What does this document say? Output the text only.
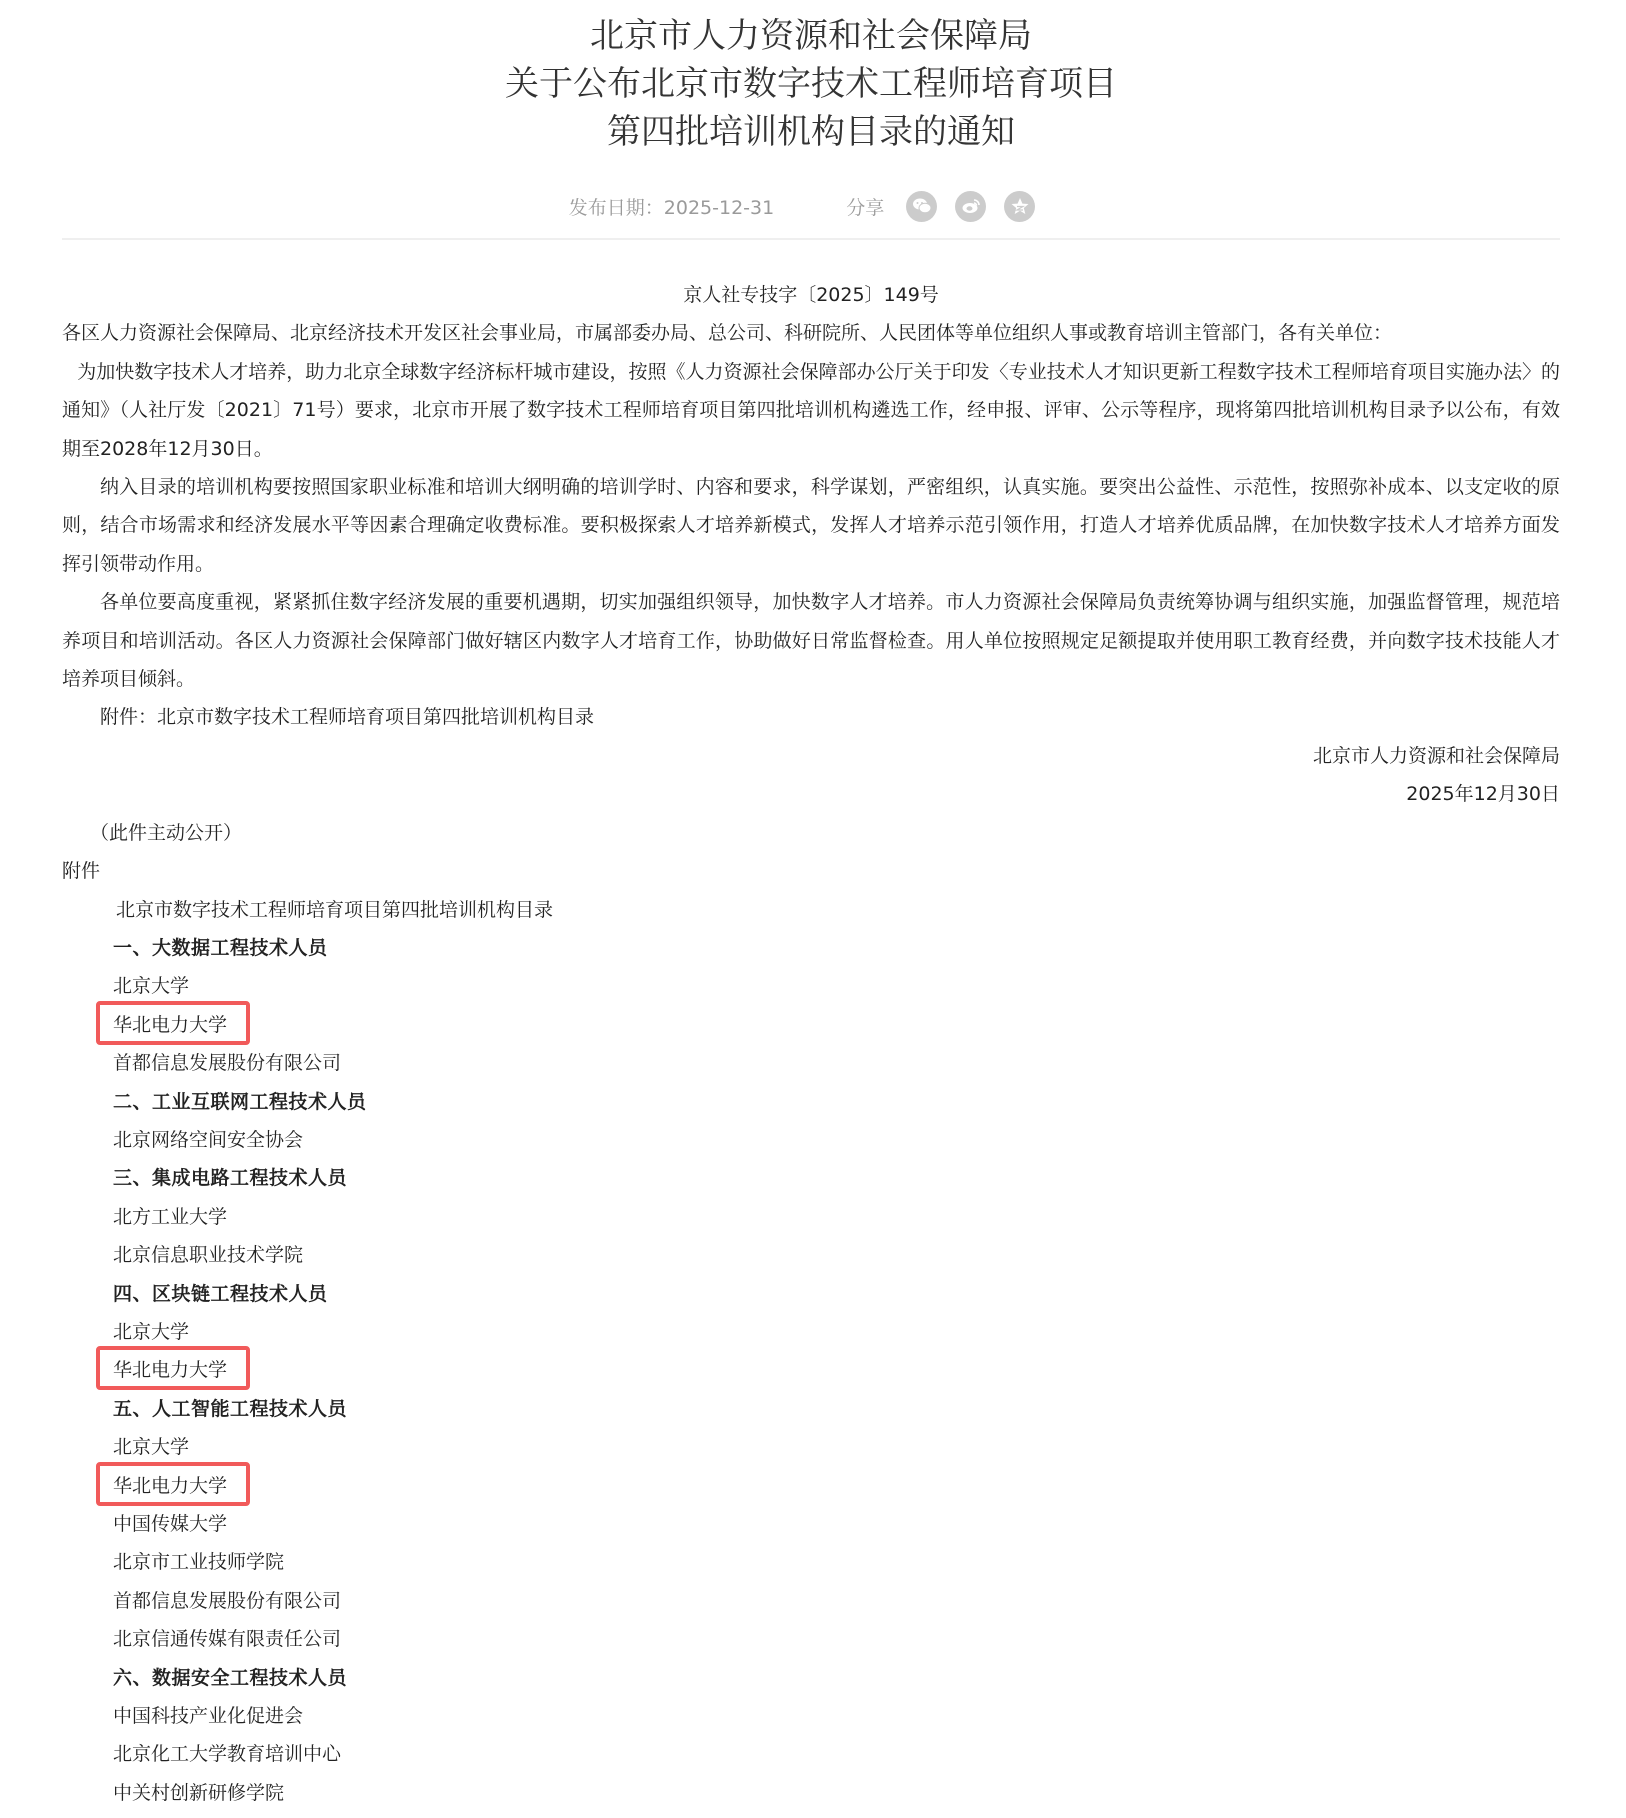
北京市人力资源和社会保障局
关于公布北京市数字技术工程师培育项目
第四批培训机构目录的通知
发布日期：2025-12-31	分享

京人社专技字〔2025〕149号

各区人力资源社会保障局、北京经济技术开发区社会事业局，市属部委办局、总公司、科研院所、人民团体等单位组织人事或教育培训主管部门，各有关单位：

为加快数字技术人才培养，助力北京全球数字经济标杆城市建设，按照《人力资源社会保障部办公厅关于印发〈专业技术人才知识更新工程数字技术工程师培育项目实施办法〉的通知》（人社厅发〔2021〕71号）要求，北京市开展了数字技术工程师培育项目第四批培训机构遴选工作，经申报、评审、公示等程序，现将第四批培训机构目录予以公布，有效期至2028年12月30日。

纳入目录的培训机构要按照国家职业标准和培训大纲明确的培训学时、内容和要求，科学谋划，严密组织，认真实施。要突出公益性、示范性，按照弥补成本、以支定收的原则，结合市场需求和经济发展水平等因素合理确定收费标准。要积极探索人才培养新模式，发挥人才培养示范引领作用，打造人才培养优质品牌，在加快数字技术人才培养方面发挥引领带动作用。

各单位要高度重视，紧紧抓住数字经济发展的重要机遇期，切实加强组织领导，加快数字人才培养。市人力资源社会保障局负责统筹协调与组织实施，加强监督管理，规范培养项目和培训活动。各区人力资源社会保障部门做好辖区内数字人才培育工作，协助做好日常监督检查。用人单位按照规定足额提取并使用职工教育经费，并向数字技术技能人才培养项目倾斜。

附件：北京市数字技术工程师培育项目第四批培训机构目录

北京市人力资源和社会保障局

2025年12月30日

（此件主动公开）

附件

北京市数字技术工程师培育项目第四批培训机构目录

一、大数据工程技术人员
北京大学
华北电力大学
首都信息发展股份有限公司
二、工业互联网工程技术人员
北京网络空间安全协会
三、集成电路工程技术人员
北方工业大学
北京信息职业技术学院
四、区块链工程技术人员
北京大学
华北电力大学
五、人工智能工程技术人员
北京大学
华北电力大学
中国传媒大学
北京市工业技师学院
首都信息发展股份有限公司
北京信通传媒有限责任公司
六、数据安全工程技术人员
中国科技产业化促进会
北京化工大学教育培训中心
中关村创新研修学院
